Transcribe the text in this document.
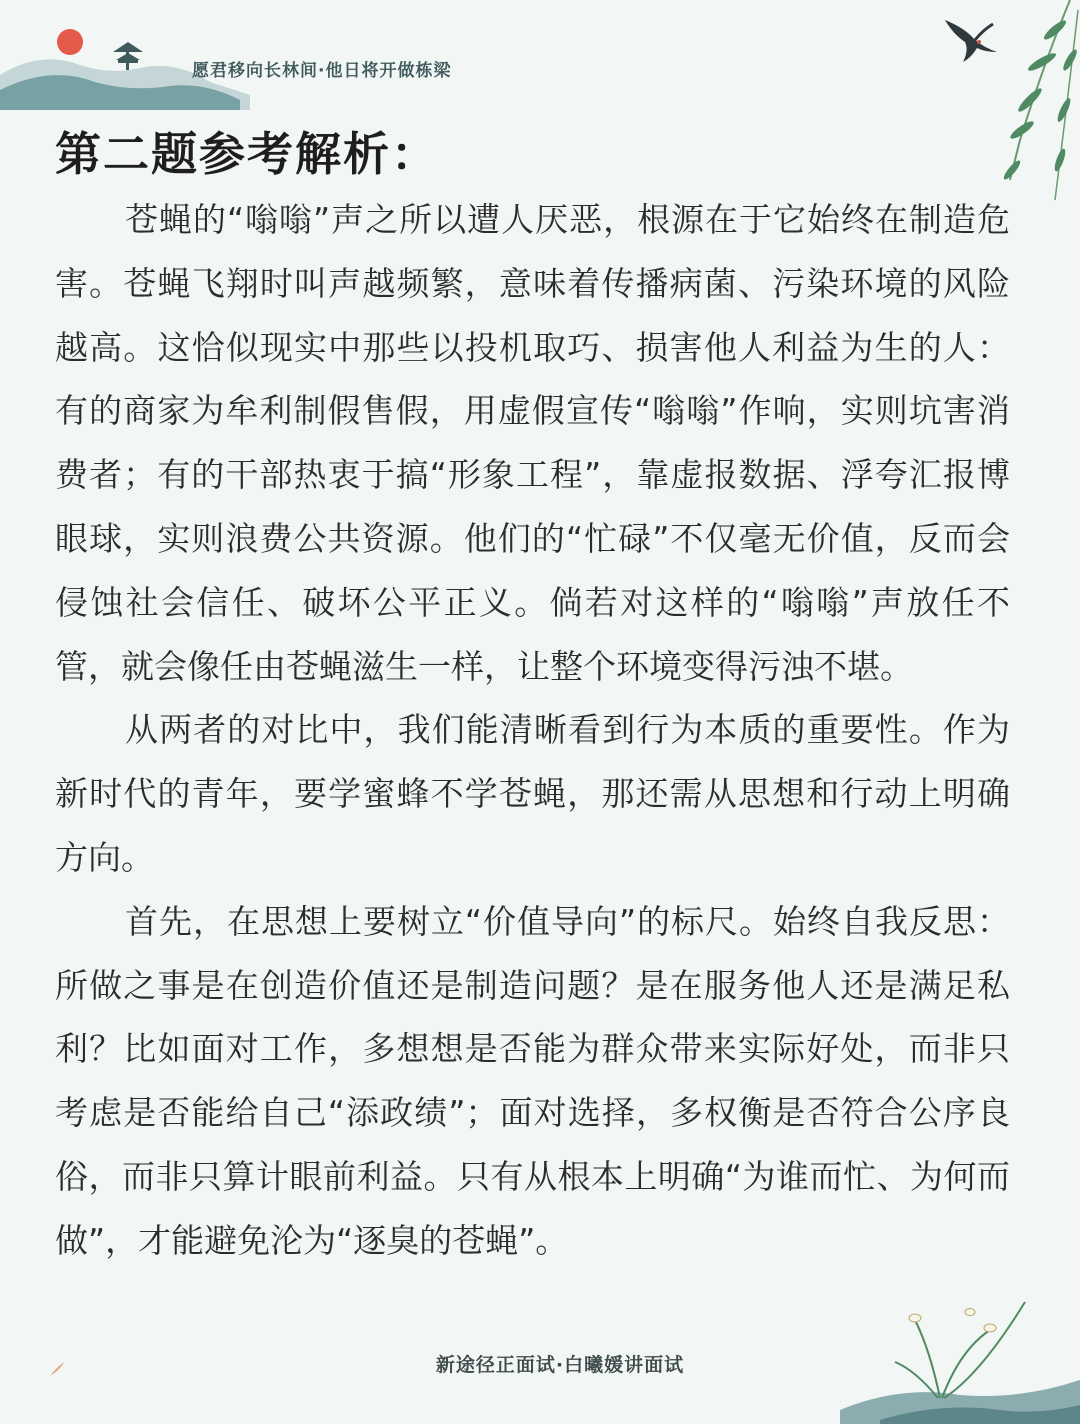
愿君移向长林间·他日将开做栋梁
第二题参考解析：

苍蝇的“嗡嗡”声之所以遭人厌恶，根源在于它始终在制造危害。苍蝇飞翔时叫声越频繁，意味着传播病菌、污染环境的风险越高。这恰似现实中那些以投机取巧、损害他人利益为生的人：有的商家为牟利制假售假，用虚假宣传“嗡嗡”作响，实则坑害消费者；有的干部热衷于搞“形象工程”，靠虚报数据、浮夸汇报博眼球，实则浪费公共资源。他们的“忙碌”不仅毫无价值，反而会侵蚀社会信任、破坏公平正义。倘若对这样的“嗡嗡”声放任不管，就会像任由苍蝇滋生一样，让整个环境变得污浊不堪。

从两者的对比中，我们能清晰看到行为本质的重要性。作为新时代的青年，要学蜜蜂不学苍蝇，那还需从思想和行动上明确方向。

首先，在思想上要树立“价值导向”的标尺。始终自我反思：所做之事是在创造价值还是制造问题？是在服务他人还是满足私利？比如面对工作，多想想是否能为群众带来实际好处，而非只考虑是否能给自己“添政绩”；面对选择，多权衡是否符合公序良俗，而非只算计眼前利益。只有从根本上明确“为谁而忙、为何而做”，才能避免沦为“逐臭的苍蝇”。

新途径正面试·白曦媛讲面试
